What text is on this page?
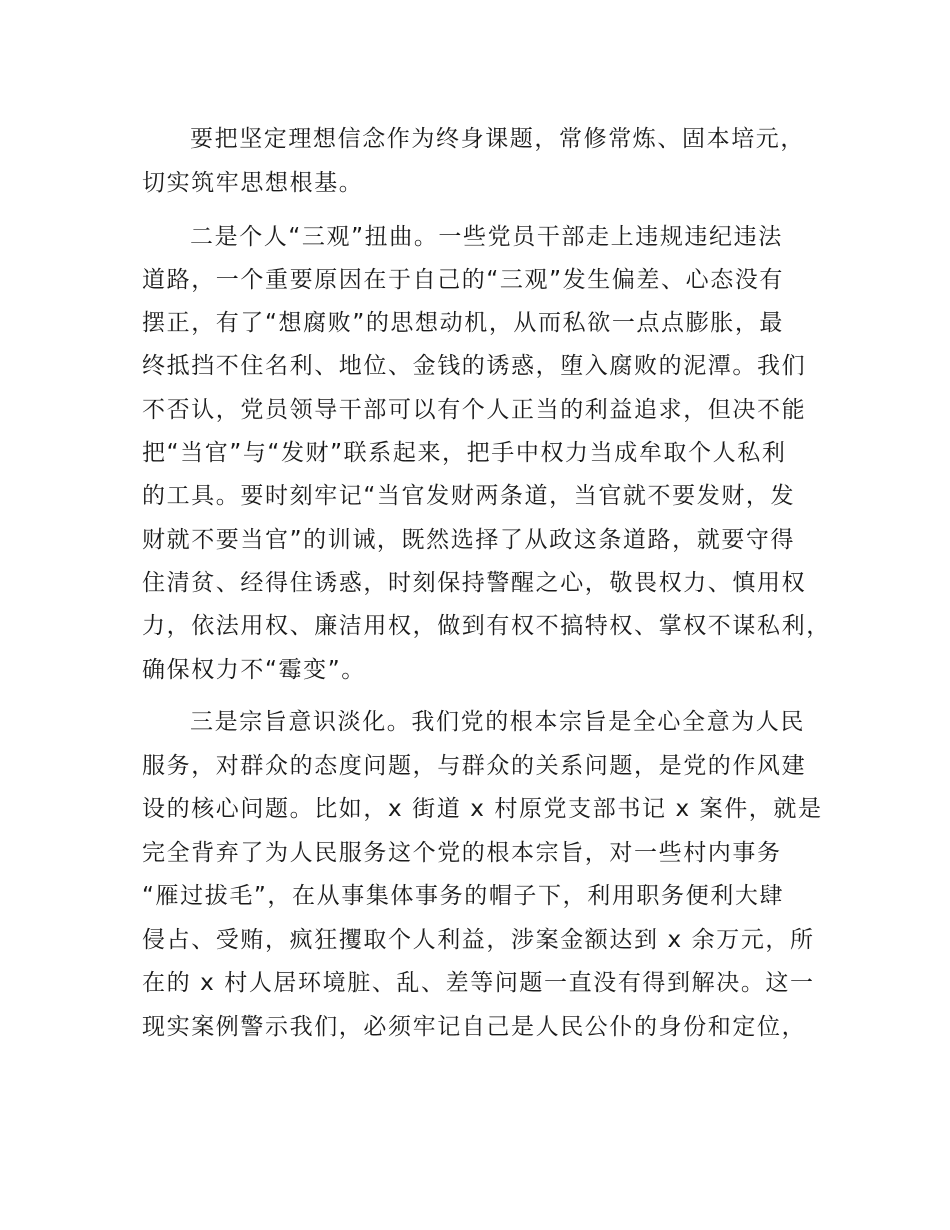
要把坚定理想信念作为终身课题，常修常炼、固本培元，

切实筑牢思想根基。

二是个人“三观”扭曲。一些党员干部走上违规违纪违法

道路，一个重要原因在于自己的“三观”发生偏差、心态没有

摆正，有了“想腐败”的思想动机，从而私欲一点点膨胀，最

终抵挡不住名利、地位、金钱的诱惑，堕入腐败的泥潭。我们

不否认，党员领导干部可以有个人正当的利益追求，但决不能

把“当官”与“发财”联系起来，把手中权力当成牟取个人私利

的工具。要时刻牢记“当官发财两条道，当官就不要发财，发

财就不要当官”的训诫，既然选择了从政这条道路，就要守得

住清贫、经得住诱惑，时刻保持警醒之心，敬畏权力、慎用权

力，依法用权、廉洁用权，做到有权不搞特权、掌权不谋私利，

确保权力不“霉变”。

三是宗旨意识淡化。我们党的根本宗旨是全心全意为人民

服务，对群众的态度问题，与群众的关系问题，是党的作风建

设的核心问题。比如，x 街道 x 村原党支部书记 x 案件，就是

完全背弃了为人民服务这个党的根本宗旨，对一些村内事务

“雁过拔毛”，在从事集体事务的帽子下，利用职务便利大肆

侵占、受贿，疯狂攫取个人利益，涉案金额达到 x 余万元，所

在的 x 村人居环境脏、乱、差等问题一直没有得到解决。这一

现实案例警示我们，必须牢记自己是人民公仆的身份和定位，
